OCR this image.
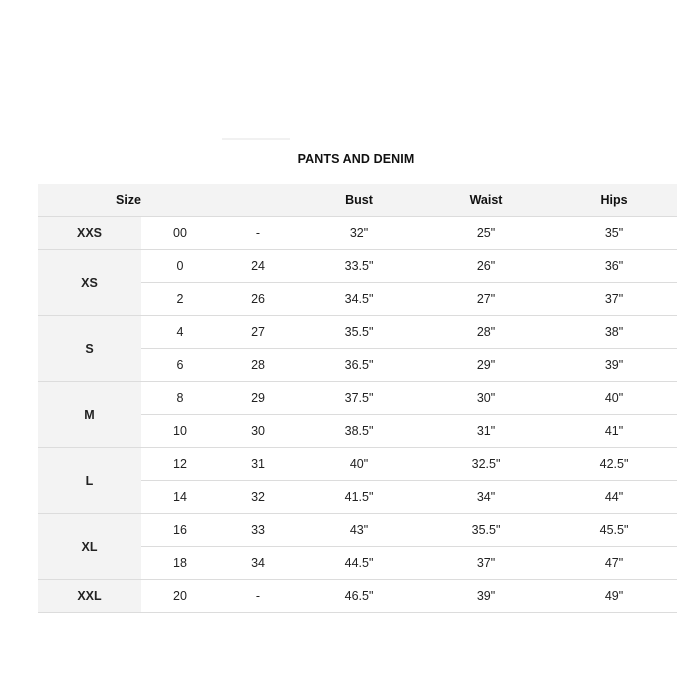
PANTS AND DENIM
Size			Bust	Waist	Hips
XXS	00	-	32"	25"	35"
XS	0	24	33.5"	26"	36"
	2	26	34.5"	27"	37"
S	4	27	35.5"	28"	38"
	6	28	36.5"	29"	39"
M	8	29	37.5"	30"	40"
	10	30	38.5"	31"	41"
L	12	31	40"	32.5"	42.5"
	14	32	41.5"	34"	44"
XL	16	33	43"	35.5"	45.5"
	18	34	44.5"	37"	47"
XXL	20	-	46.5"	39"	49"
